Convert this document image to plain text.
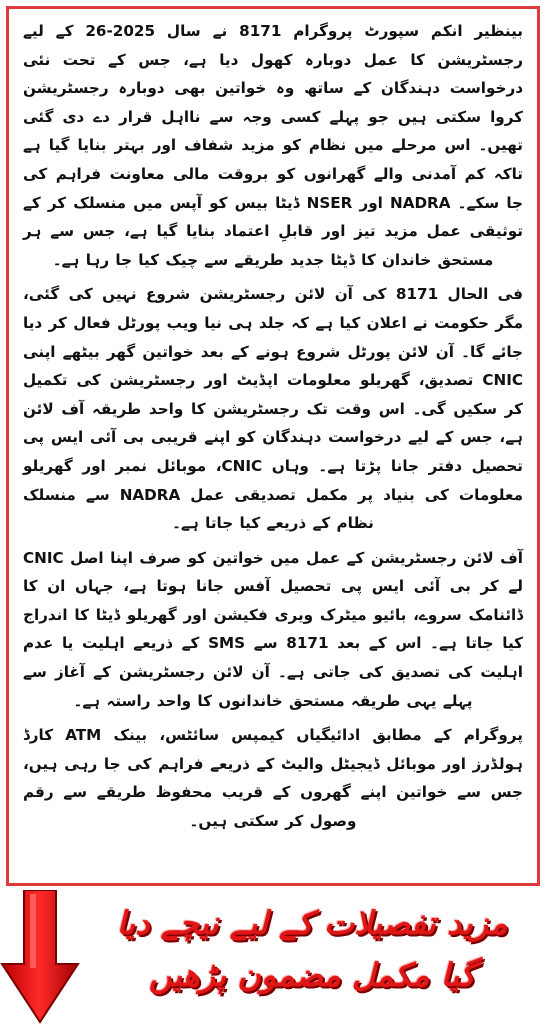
بینظیر انکم سپورٹ پروگرام 8171 نے سال 2025-26 کے لیے رجسٹریشن کا عمل دوبارہ کھول دیا ہے، جس کے تحت نئی درخواست دہندگان کے ساتھ وہ خواتین بھی دوبارہ رجسٹریشن کروا سکتی ہیں جو پہلے کسی وجہ سے نااہل قرار دے دی گئی تھیں۔ اس مرحلے میں نظام کو مزید شفاف اور بہتر بنایا گیا ہے تاکہ کم آمدنی والے گھرانوں کو بروقت مالی معاونت فراہم کی جا سکے۔ NADRA اور NSER ڈیٹا بیس کو آپس میں منسلک کر کے توثیقی عمل مزید تیز اور قابلِ اعتماد بنایا گیا ہے، جس سے ہر مستحق خاندان کا ڈیٹا جدید طریقے سے چیک کیا جا رہا ہے۔

فی الحال 8171 کی آن لائن رجسٹریشن شروع نہیں کی گئی، مگر حکومت نے اعلان کیا ہے کہ جلد ہی نیا ویب پورٹل فعال کر دیا جائے گا۔ آن لائن پورٹل شروع ہونے کے بعد خواتین گھر بیٹھے اپنی CNIC تصدیق، گھریلو معلومات اپڈیٹ اور رجسٹریشن کی تکمیل کر سکیں گی۔ اس وقت تک رجسٹریشن کا واحد طریقہ آف لائن ہے، جس کے لیے درخواست دہندگان کو اپنے قریبی بی آئی ایس پی تحصیل دفتر جانا پڑتا ہے۔ وہاں CNIC، موبائل نمبر اور گھریلو معلومات کی بنیاد پر مکمل تصدیقی عمل NADRA سے منسلک نظام کے ذریعے کیا جاتا ہے۔

آف لائن رجسٹریشن کے عمل میں خواتین کو صرف اپنا اصل CNIC لے کر بی آئی ایس پی تحصیل آفس جانا ہوتا ہے، جہاں ان کا ڈائنامک سروے، بائیو میٹرک ویری فکیشن اور گھریلو ڈیٹا کا اندراج کیا جاتا ہے۔ اس کے بعد 8171 سے SMS کے ذریعے اہلیت یا عدم اہلیت کی تصدیق کی جاتی ہے۔ آن لائن رجسٹریشن کے آغاز سے پہلے یہی طریقہ مستحق خاندانوں کا واحد راستہ ہے۔

پروگرام کے مطابق ادائیگیاں کیمپس سائٹس، بینک ATM کارڈ ہولڈرز اور موبائل ڈیجیٹل والیٹ کے ذریعے فراہم کی جا رہی ہیں، جس سے خواتین اپنے گھروں کے قریب محفوظ طریقے سے رقم وصول کر سکتی ہیں۔

مزید تفصیلات کے لیے نیچے دیا
گیا مکمل مضمون پڑھیں
